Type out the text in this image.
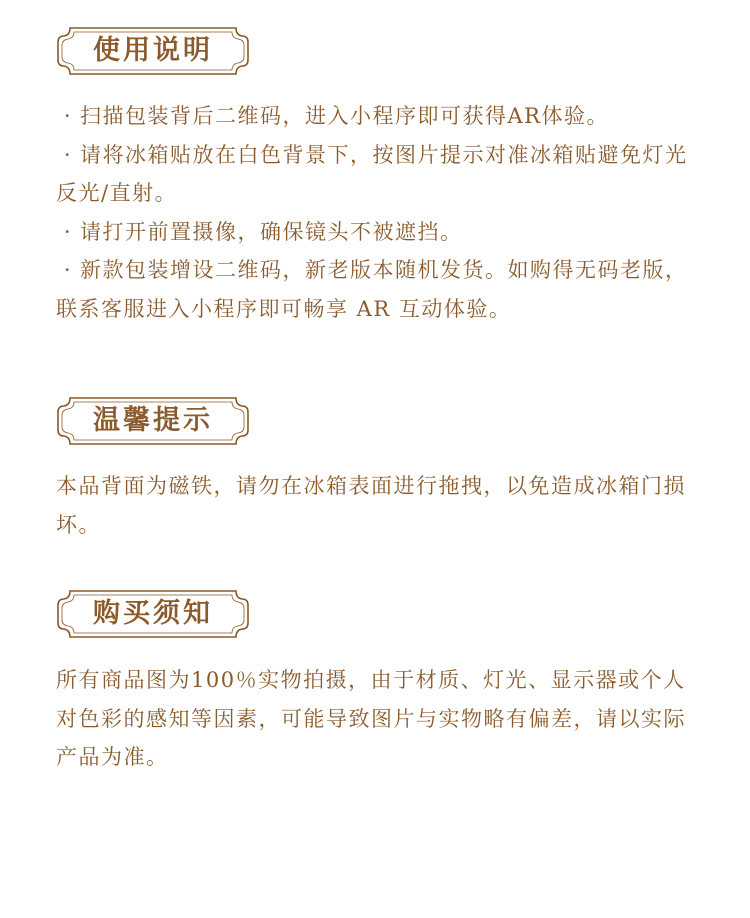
使用说明

· 扫描包装背后二维码，进入小程序即可获得AR体验。

· 请将冰箱贴放在白色背景下，按图片提示对准冰箱贴避免灯光反光/直射。

· 请打开前置摄像，确保镜头不被遮挡。

· 新款包装增设二维码，新老版本随机发货。如购得无码老版，联系客服进入小程序即可畅享 AR 互动体验。

温馨提示

本品背面为磁铁，请勿在冰箱表面进行拖拽，以免造成冰箱门损坏。

购买须知

所有商品图为100％实物拍摄，由于材质、灯光、显示器或个人对色彩的感知等因素，可能导致图片与实物略有偏差，请以实际产品为准。
